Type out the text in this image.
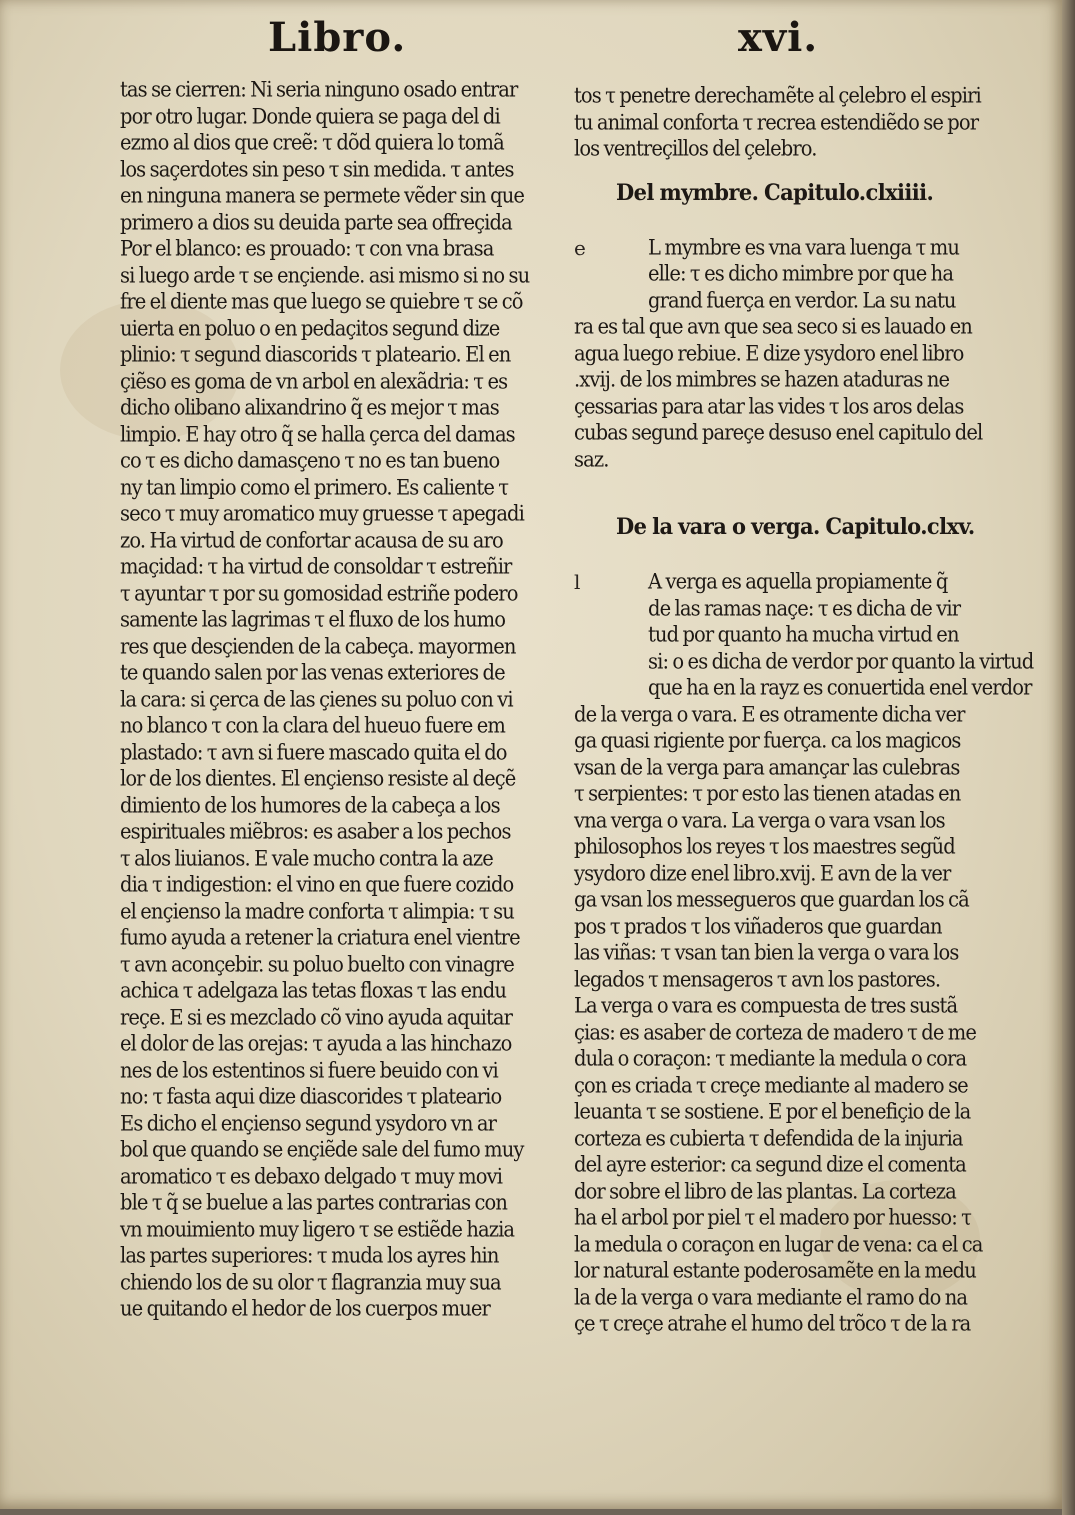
Libro.	xvi.
tas se cierren: Ni seria ninguno osado entrar
por otro lugar. Donde quiera se paga del di
ezmo al dios que creẽ: τ dõd quiera lo tomã
los saçerdotes sin peso τ sin medida. τ antes
en ninguna manera se permete vẽder sin que
primero a dios su deuida parte sea offreçida
Por el blanco: es prouado: τ con vna brasa
si luego arde τ se ençiende. asi mismo si no su
fre el diente mas que luego se quiebre τ se cõ
uierta en poluo o en pedaçitos segund dize
plinio: τ segund diascorids τ platеario. El en
çiẽso es goma de vn arbol en alexãdria: τ es
dicho olibano alixandrino q̃ es mejor τ mas
limpio. E hay otro q̃ se halla çerca del damas
co τ es dicho damasçeno τ no es tan bueno
ny tan limpio como el primero. Es caliente τ
seco τ muy aromatico muy gruesse τ apegadi
zo. Ha virtud de confortar acausa de su aro
maçidad: τ ha virtud de consoldar τ estreñir
τ ayuntar τ por su gomosidad estriñe podero
samente las lagrimas τ el fluxo de los humo
res que desçienden de la cabeça. mayormen
te quando salen por las venas exteriores de
la cara: si çerca de las çienes su poluo con vi
no blanco τ con la clara del hueuo fuere em
plastado: τ avn si fuere mascado quita el do
lor de los dientes. El ençienso resiste al deçẽ
dimiento de los humores de la cabeça a los
espirituales miẽbros: es asaber a los pechos
τ alos liuianos. E vale mucho contra la aze
dia τ indigestion: el vino en que fuere cozido
el ençienso la madre conforta τ alimpia: τ su
fumo ayuda a retener la criatura enel vientre
τ avn aconçebir. su poluo buelto con vinagre
achica τ adelgaza las tetas floxas τ las endu
reçe. E si es mezclado cõ vino ayuda aquitar
el dolor de las orejas: τ ayuda a las hinchazo
nes de los estentinos si fuere beuido con vi
no: τ fasta aqui dize diascorides τ plateario
Es dicho el ençienso segund ysydoro vn ar
bol que quando se ençiẽde sale del fumo muy
aromatico τ es debaxo delgado τ muy movi
ble τ q̃ se buelue a las partes contrarias con
vn mouimiento muy ligero τ se estiẽde hazia
las partes superiores: τ muda los ayres hin
chiendo los de su olor τ flagranzia muy sua
ue quitando el hedor de los cuerpos muer
tos τ penetre derechamẽte al çelebro el espiri
tu animal conforta τ recrea estendiẽdo se por
los ventreçillos del çelebro.
Del mymbre. Capitulo.clxiiii.
L mymbre es vna vara luenga τ mu
elle: τ es dicho mimbre por que ha
grand fuerça en verdor. La su natu
ra es tal que avn que sea seco si es lauado en
agua luego rebiue. E dize ysydoro enel libro
.xvij. de los mimbres se hazen ataduras ne
çessarias para atar las vides τ los aros delas
cubas segund pareçe desuso enel capitulo del
saz.
De la vara o verga. Capitulo.clxv.
A verga es aquella propiamente q̃
de las ramas naçe: τ es dicha de vir
tud por quanto ha mucha virtud en
si: o es dicha de verdor por quanto la virtud
que ha en la rayz es conuertida enel verdor
de la verga o vara. E es otramente dicha ver
ga quasi rigiente por fuerça. ca los magicos
vsan de la verga para amançar las culebras
τ serpientes: τ por esto las tienen atadas en
vna verga o vara. La verga o vara vsan los
philosophos los reyes τ los maestres segũd
ysydoro dize enel libro.xvij. E avn de la ver
ga vsan los messegueros que guardan los cã
pos τ prados τ los viñaderos que guardan
las viñas: τ vsan tan bien la verga o vara los
legados τ mensageros τ avn los pastores.
La verga o vara es compuesta de tres sustã
çias: es asaber de corteza de madero τ de me
dula o coraçon: τ mediante la medula o cora
çon es criada τ creçe mediante al madero se
leuanta τ se sostiene. E por el benefiçio de la
corteza es cubierta τ defendida de la injuria
del ayre esterior: ca segund dize el comenta
dor sobre el libro de las plantas. La corteza
ha el arbol por piel τ el madero por huesso: τ
la medula o coraçon en lugar de vena: ca el ca
lor natural estante poderosamẽte en la medu
la de la verga o vara mediante el ramo do na
çe τ creçe atrahe el humo del trõco τ de la ra
e
l
